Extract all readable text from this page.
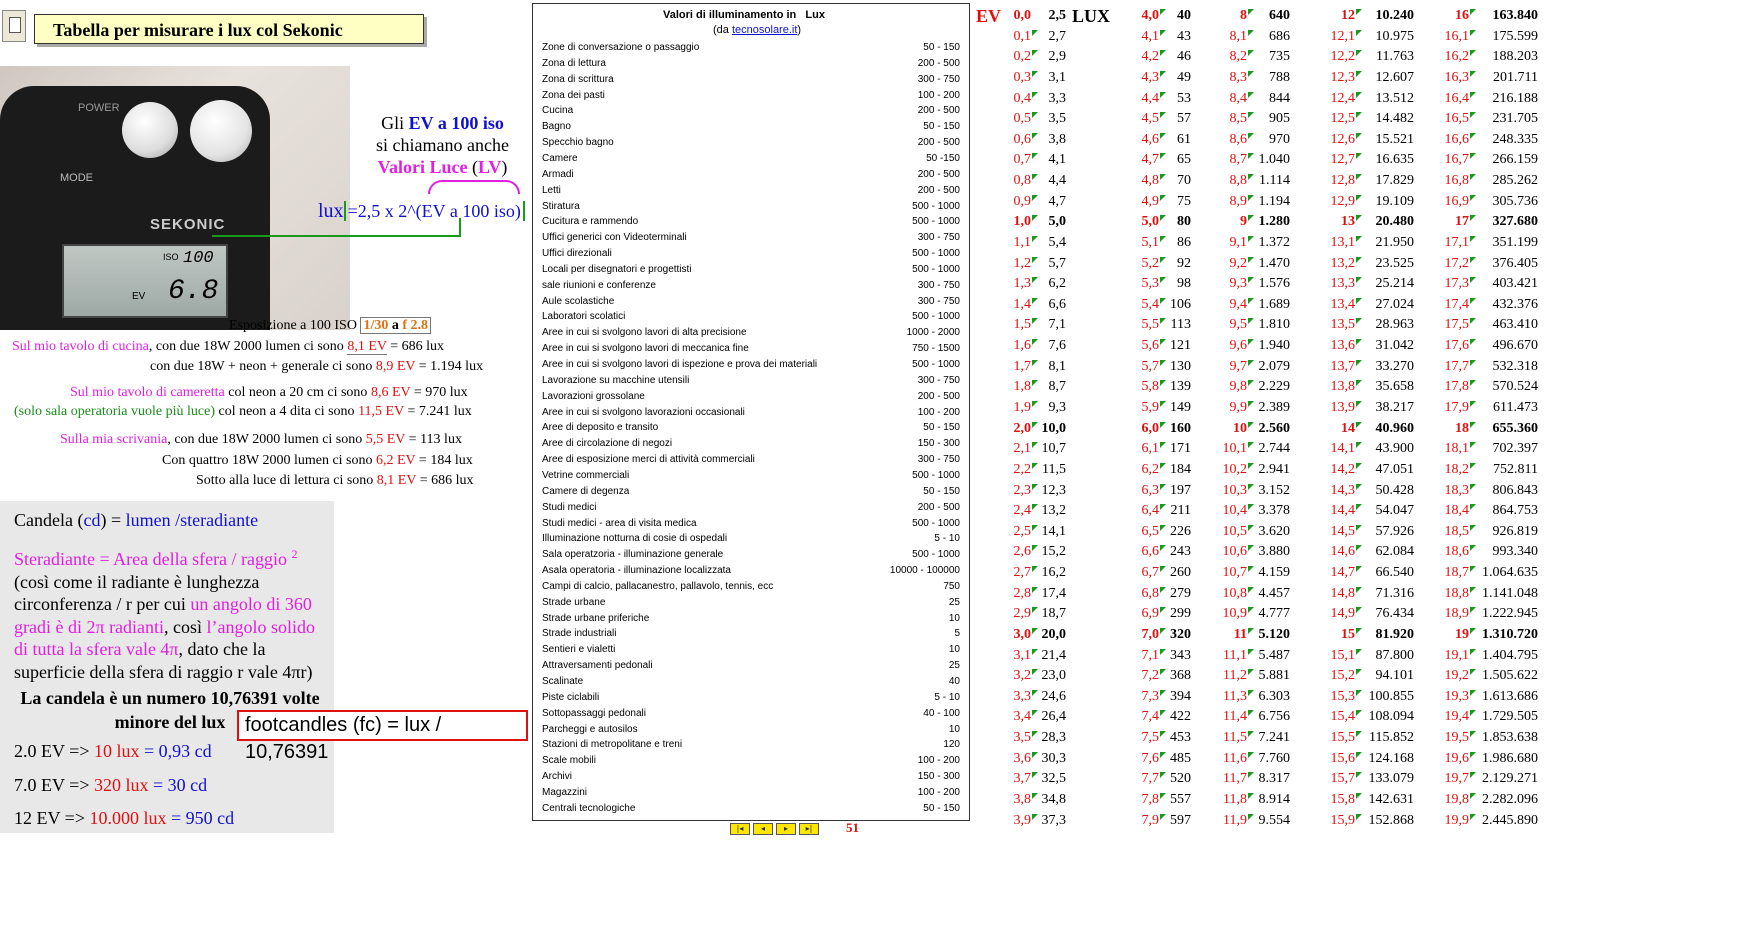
Tabella per misurare i lux col Sekonic
POWER
MODE
SEKONIC
ISO 100
EV 6.8
Gli EV a 100 iso
si chiamano anche
Valori Luce (LV)
lux =2,5 x 2^(EV a 100 iso)
Esposizione a 100 ISO 1/30 a f 2.8
Sul mio tavolo di cucina, con due 18W 2000 lumen ci sono 8,1 EV = 686 lux
con due 18W + neon + generale ci sono 8,9 EV = 1.194 lux
Sul mio tavolo di cameretta col neon a 20 cm ci sono 8,6 EV = 970 lux
(solo sala operatoria vuole più luce) col neon a 4 dita ci sono 11,5 EV = 7.241 lux
Sulla mia scrivania, con due 18W 2000 lumen ci sono 5,5 EV = 113 lux
Con quattro 18W 2000 lumen ci sono 6,2 EV = 184 lux
Sotto alla luce di lettura ci sono 8,1 EV = 686 lux
Candela (cd) = lumen /steradiante
Steradiante = Area della sfera / raggio $^2$
(così come il radiante è lunghezza circonferenza / r per cui un angolo di 360 gradi è di 2π radianti, così l’angolo solido di tutta la sfera vale 4π, dato che la superficie della sfera di raggio r vale 4πr)
La candela è un numero 10,76391 volte minore del lux footcandles (fc) = lux / 10,76391
2.0 EV => 10 lux = 0,93 cd
7.0 EV => 320 lux = 30 cd
12 EV => 10.000 lux = 950 cd
Valori di illuminamento in   Lux
(da tecnosolare.it)
Zone di conversazione o passaggio	50 - 150
Zona di lettura	200 - 500
Zona di scrittura	300 - 750
Zona dei pasti	100 - 200
Cucina	200 - 500
Bagno	50 - 150
Specchio bagno	200 - 500
Camere	50 -150
Armadi	200 - 500
Letti	200 - 500
Stiratura	500 - 1000
Cucitura e rammendo	500 - 1000
Uffici generici con Videoterminali	300 - 750
Uffici direzionali	500 - 1000
Locali per disegnatori e progettisti	500 - 1000
sale riunioni e conferenze	300 - 750
Aule scolastiche	300 - 750
Laboratori scolatici	500 - 1000
Aree in cui si svolgono lavori di alta precisione	1000 - 2000
Aree in cui si svolgono lavori di meccanica fine	750 - 1500
Aree in cui si svolgono lavori di ispezione e prova dei materiali	500 - 1000
Lavorazione su macchine utensili	300 - 750
Lavorazioni grossolane	200 - 500
Aree in cui si svolgono lavorazioni occasionali	100 - 200
Aree di deposito e transito	50 - 150
Aree di circolazione di negozi	150 - 300
Aree di esposizione merci di attività commerciali	300 - 750
Vetrine commerciali	500 - 1000
Camere di degenza	50 - 150
Studi medici	200 - 500
Studi medici - area di visita medica	500 - 1000
Illuminazione notturna di cosie di ospedali	5 - 10
Sala operatzoria - illuminazione generale	500 - 1000
Asala operatoria - illuminazione localizzata	10000 - 100000
Campi di calcio, pallacanestro, pallavolo, tennis, ecc	750
Strade urbane	25
Strade urbane priferiche	10
Strade industriali	5
Sentieri e vialetti	10
Attraversamenti pedonali	25
Scalinate	40
Piste ciclabili	5 - 10
Sottopassaggi pedonali	40 - 100
Parcheggi e autosilos	10
Stazioni di metropolitane e treni	120
Scale mobili	100 - 200
Archivi	150 - 300
Magazzini	100 - 200
Centrali tecnologiche	50 - 150
|◂	◂	▸	▸|	51
EV	LUX
0,0	2,5
0,1	2,7
0,2	2,9
0,3	3,1
0,4	3,3
0,5	3,5
0,6	3,8
0,7	4,1
0,8	4,4
0,9	4,7
1,0	5,0
1,1	5,4
1,2	5,7
1,3	6,2
1,4	6,6
1,5	7,1
1,6	7,6
1,7	8,1
1,8	8,7
1,9	9,3
2,0 10,0
2,1 10,7
2,2 11,5
2,3 12,3
2,4 13,2
2,5 14,1
2,6 15,2
2,7 16,2
2,8 17,4
2,9 18,7
3,0 20,0
3,1 21,4
3,2 23,0
3,3 24,6
3,4 26,4
3,5 28,3
3,6 30,3
3,7 32,5
3,8 34,8
3,9 37,3
4,0	40
4,1	43
4,2	46
4,3	49
4,4	53
4,5	57
4,6	61
4,7	65
4,8	70
4,9	75
5,0	80
5,1	86
5,2	92
5,3	98
5,4 106
5,5 113
5,6 121
5,7 130
5,8 139
5,9 149
6,0 160
6,1 171
6,2 184
6,3 197
6,4 211
6,5 226
6,6 243
6,7 260
6,8 279
6,9 299
7,0 320
7,1 343
7,2 368
7,3 394
7,4 422
7,5 453
7,6 485
7,7 520
7,8 557
7,9 597
8	640
8,1	686
8,2	735
8,3	788
8,4	844
8,5	905
8,6	970
8,7 1.040
8,8 1.114
8,9 1.194
9 1.280
9,1 1.372
9,2 1.470
9,3 1.576
9,4 1.689
9,5 1.810
9,6 1.940
9,7 2.079
9,8 2.229
9,9 2.389
10 2.560
10,1 2.744
10,2 2.941
10,3 3.152
10,4 3.378
10,5 3.620
10,6 3.880
10,7 4.159
10,8 4.457
10,9 4.777
11 5.120
11,1 5.487
11,2 5.881
11,3 6.303
11,4 6.756
11,5 7.241
11,6 7.760
11,7 8.317
11,8 8.914
11,9 9.554
12	10.240
12,1	10.975
12,2	11.763
12,3	12.607
12,4	13.512
12,5	14.482
12,6	15.521
12,7	16.635
12,8	17.829
12,9	19.109
13	20.480
13,1	21.950
13,2	23.525
13,3	25.214
13,4	27.024
13,5	28.963
13,6	31.042
13,7	33.270
13,8	35.658
13,9	38.217
14	40.960
14,1	43.900
14,2	47.051
14,3	50.428
14,4	54.047
14,5	57.926
14,6	62.084
14,7	66.540
14,8	71.316
14,9	76.434
15	81.920
15,1	87.800
15,2	94.101
15,3 100.855
15,4 108.094
15,5	115.852
15,6 124.168
15,7 133.079
15,8 142.631
15,9 152.868
16	163.840
16,1	175.599
16,2	188.203
16,3	201.711
16,4	216.188
16,5	231.705
16,6	248.335
16,7	266.159
16,8	285.262
16,9	305.736
17	327.680
17,1	351.199
17,2	376.405
17,3	403.421
17,4	432.376
17,5	463.410
17,6	496.670
17,7	532.318
17,8	570.524
17,9	611.473
18	655.360
18,1	702.397
18,2	752.811
18,3	806.843
18,4	864.753
18,5	926.819
18,6	993.340
18,7 1.064.635
18,8 1.141.048
18,9 1.222.945
19 1.310.720
19,1 1.404.795
19,2 1.505.622
19,3 1.613.686
19,4 1.729.505
19,5 1.853.638
19,6 1.986.680
19,7 2.129.271
19,8 2.282.096
19,9 2.445.890
